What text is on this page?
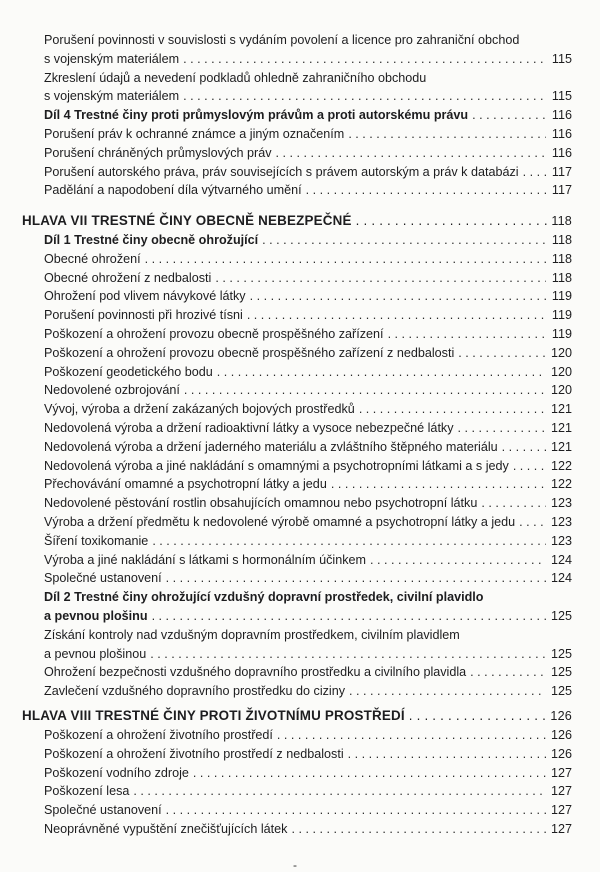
Porušení povinnosti v souvislosti s vydáním povolení a licence pro zahraniční obchod
s vojenským materiálem . . .	115
Zkreslení údajů a nevedení podkladů ohledně zahraničního obchodu
s vojenským materiálem . . .	115
Díl 4 Trestné činy proti průmyslovým právům a proti autorskému právu . . .	116
Porušení práv k ochranné známce a jiným označením . . .	116
Porušení chráněných průmyslových práv . . .	116
Porušení autorského práva, práv souvisejících s právem autorským a práv k databázi . . .	117
Padělání a napodobení díla výtvarného umění . . .	117
HLAVA VII TRESTNÉ ČINY OBECNĚ NEBEZPEČNÉ . . .	118
Díl 1 Trestné činy obecně ohrožující . . .	118
Obecné ohrožení . . .	118
Obecné ohrožení z nedbalosti . . .	118
Ohrožení pod vlivem návykové látky . . .	119
Porušení povinnosti při hrozivé tísni . . .	119
Poškození a ohrožení provozu obecně prospěšného zařízení . . .	119
Poškození a ohrožení provozu obecně prospěšného zařízení z nedbalosti . . .	120
Poškození geodetického bodu . . .	120
Nedovolené ozbrojování . . .	120
Vývoj, výroba a držení zakázaných bojových prostředků . . .	121
Nedovolená výroba a držení radioaktivní látky a vysoce nebezpečné látky . . .	121
Nedovolená výroba a držení jaderného materiálu a zvláštního štěpného materiálu . . .	121
Nedovolená výroba a jiné nakládání s omamnými a psychotropními látkami a s jedy . . .	122
Přechovávání omamné a psychotropní látky a jedu . . .	122
Nedovolené pěstování rostlin obsahujících omamnou nebo psychotropní látku . . .	123
Výroba a držení předmětu k nedovolené výrobě omamné a psychotropní látky a jedu . . .	123
Šíření toxikomanie . . .	123
Výroba a jiné nakládání s látkami s hormonálním účinkem . . .	124
Společné ustanovení . . .	124
Díl 2 Trestné činy ohrožující vzdušný dopravní prostředek, civilní plavidlo
a pevnou plošinu . . .	125
Získání kontroly nad vzdušným dopravním prostředkem, civilním plavidlem
a pevnou plošinou . . .	125
Ohrožení bezpečnosti vzdušného dopravního prostředku a civilního plavidla . . .	125
Zavlečení vzdušného dopravního prostředku do ciziny . . .	125
HLAVA VIII TRESTNÉ ČINY PROTI ŽIVOTNÍMU PROSTŘEDÍ . . .	126
Poškození a ohrožení životního prostředí . . .	126
Poškození a ohrožení životního prostředí z nedbalosti . . .	126
Poškození vodního zdroje . . .	127
Poškození lesa . . .	127
Společné ustanovení . . .	127
Neoprávněné vypuštění znečišťujících látek . . .	127
-
